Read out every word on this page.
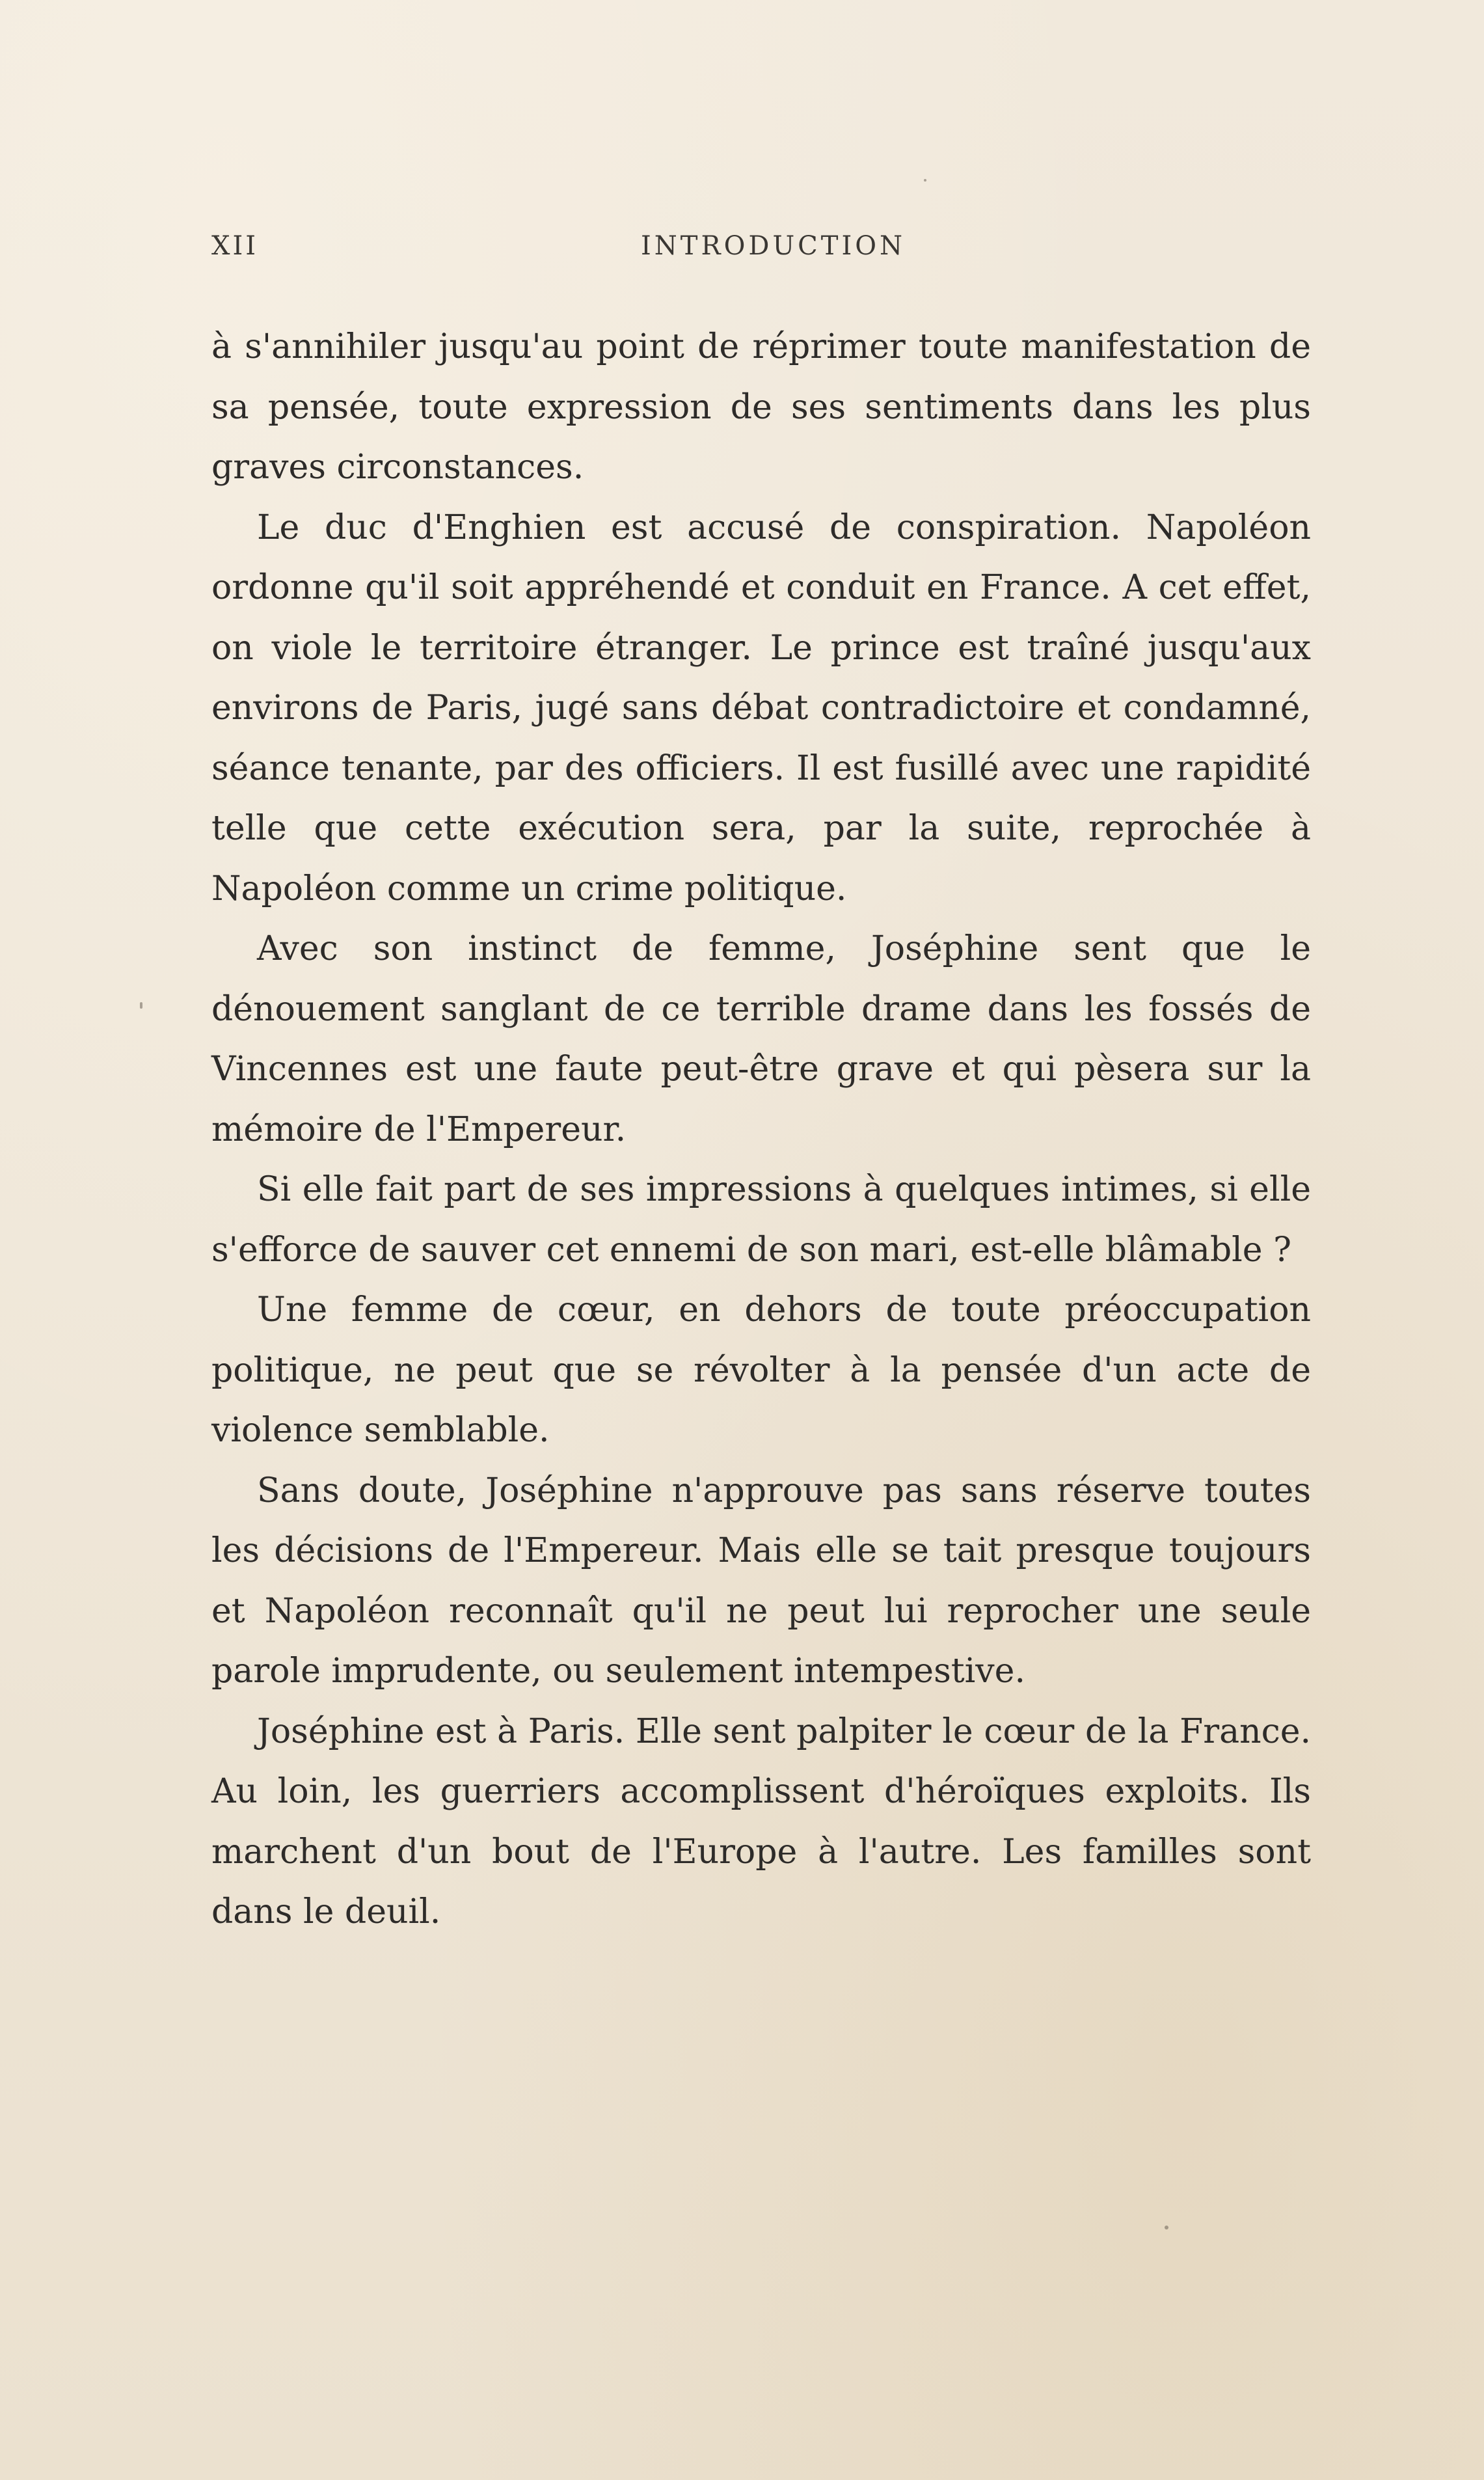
XII	INTRODUCTION

à s'annihiler jusqu'au point de réprimer toute manifestation de sa pensée, toute expression de ses sentiments dans les plus graves circonstances.

Le duc d'Enghien est accusé de conspiration. Napoléon ordonne qu'il soit appréhendé et conduit en France. A cet effet, on viole le territoire étranger. Le prince est traîné jusqu'aux environs de Paris, jugé sans débat contradictoire et condamné, séance tenante, par des officiers. Il est fusillé avec une rapidité telle que cette exécution sera, par la suite, reprochée à Napoléon comme un crime politique.

Avec son instinct de femme, Joséphine sent que le dénouement sanglant de ce terrible drame dans les fossés de Vincennes est une faute peut-être grave et qui pèsera sur la mémoire de l'Empereur.

Si elle fait part de ses impressions à quelques intimes, si elle s'efforce de sauver cet ennemi de son mari, est-elle blâmable ?

Une femme de cœur, en dehors de toute préoccupation politique, ne peut que se révolter à la pensée d'un acte de violence semblable.

Sans doute, Joséphine n'approuve pas sans réserve toutes les décisions de l'Empereur. Mais elle se tait presque toujours et Napoléon reconnaît qu'il ne peut lui reprocher une seule parole imprudente, ou seulement intempestive.

Joséphine est à Paris. Elle sent palpiter le cœur de la France. Au loin, les guerriers accomplissent d'héroïques exploits. Ils marchent d'un bout de l'Europe à l'autre. Les familles sont dans le deuil.
